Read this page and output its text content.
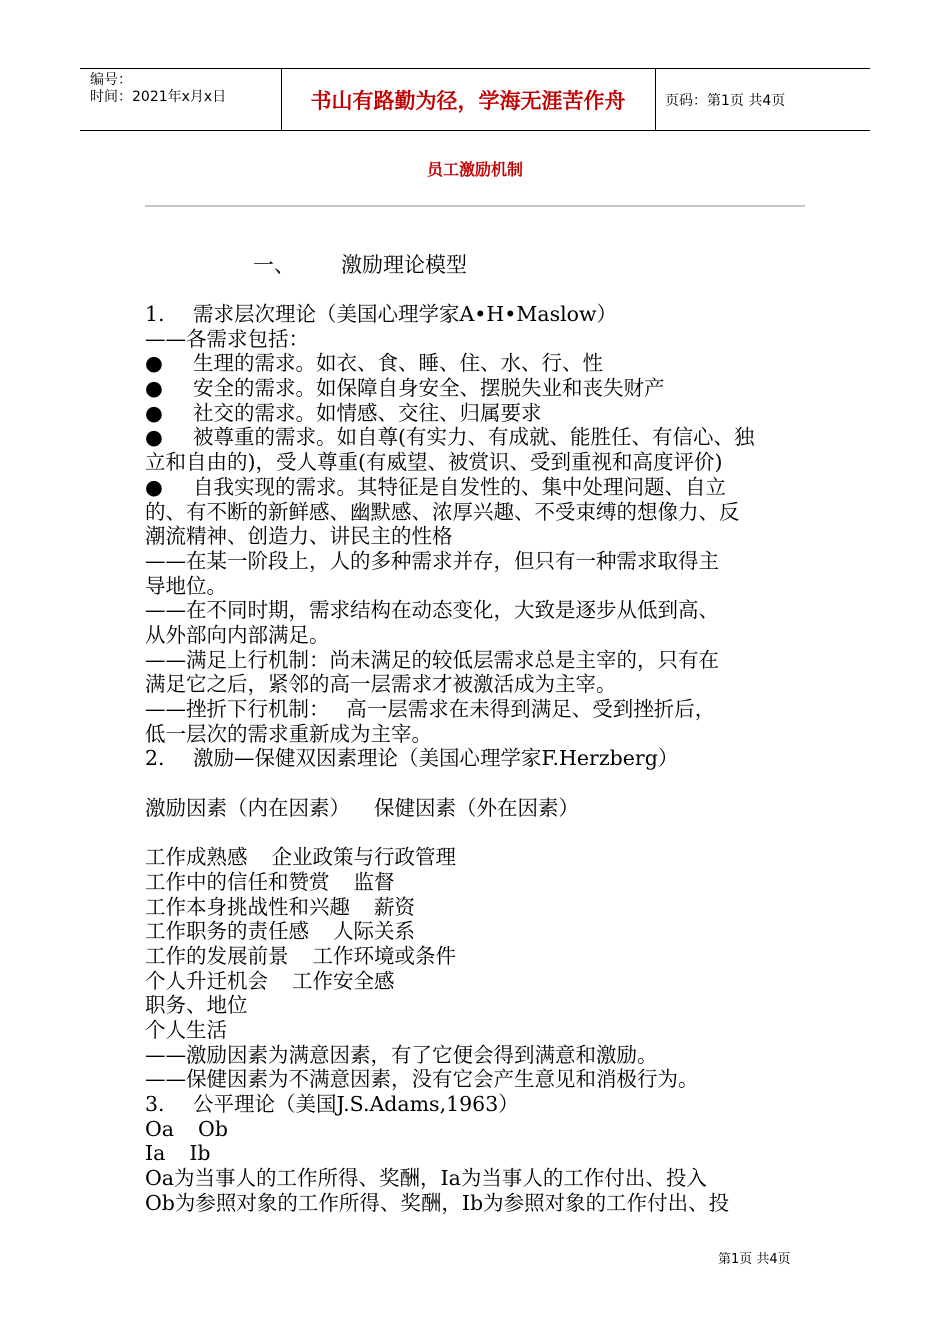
编号：
时间：2021年x月x日	书山有路勤为径，学海无涯苦作舟	页码：第1页 共4页
员工激励机制
一、 激励理论模型
1. 需求层次理论（美国心理学家A•H•Maslow）
——各需求包括：
● 生理的需求。如衣、食、睡、住、水、行、性
● 安全的需求。如保障自身安全、摆脱失业和丧失财产
● 社交的需求。如情感、交往、归属要求
● 被尊重的需求。如自尊(有实力、有成就、能胜任、有信心、独
立和自由的)，受人尊重(有威望、被赏识、受到重视和高度评价)
● 自我实现的需求。其特征是自发性的、集中处理问题、自立
的、有不断的新鲜感、幽默感、浓厚兴趣、不受束缚的想像力、反
潮流精神、创造力、讲民主的性格
——在某一阶段上，人的多种需求并存，但只有一种需求取得主
导地位。
——在不同时期，需求结构在动态变化，大致是逐步从低到高、
从外部向内部满足。
——满足上行机制：尚未满足的较低层需求总是主宰的，只有在
满足它之后，紧邻的高一层需求才被激活成为主宰。
——挫折下行机制：　 高一层需求在未得到满足、受到挫折后，
低一层次的需求重新成为主宰。
2. 激励—保健双因素理论（美国心理学家F.Herzberg）
激励因素（内在因素） 保健因素（外在因素）
工作成熟感 企业政策与行政管理
工作中的信任和赞赏 监督
工作本身挑战性和兴趣 薪资
工作职务的责任感 人际关系
工作的发展前景 工作环境或条件
个人升迁机会 工作安全感
职务、地位
个人生活
——激励因素为满意因素，有了它便会得到满意和激励。
——保健因素为不满意因素，没有它会产生意见和消极行为。
3. 公平理论（美国J.S.Adams,1963）
Oa Ob
Ia Ib
Oa为当事人的工作所得、奖酬，Ia为当事人的工作付出、投入
Ob为参照对象的工作所得、奖酬，Ib为参照对象的工作付出、投
第1页 共4页
